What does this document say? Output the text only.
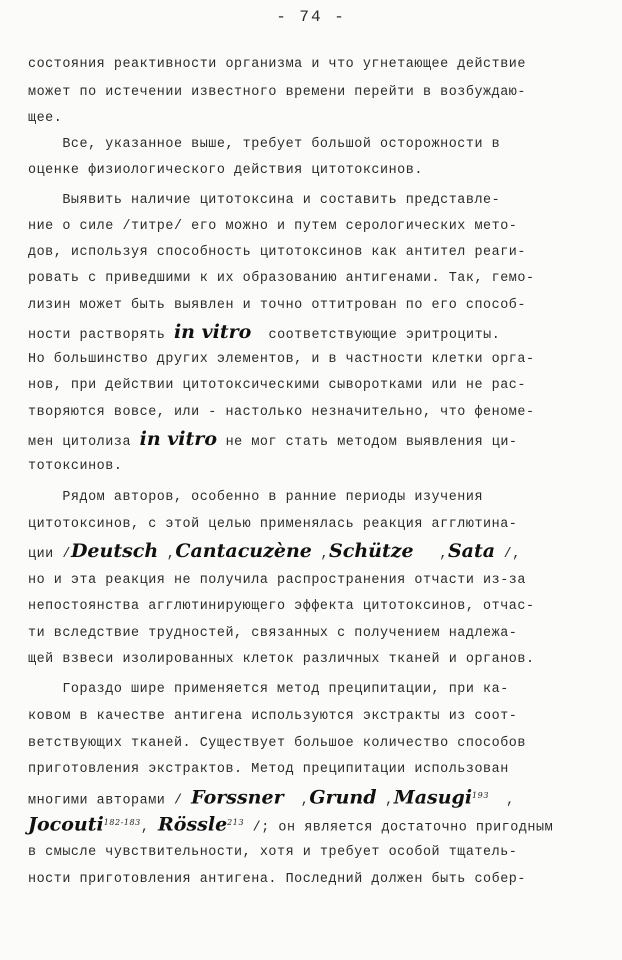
- 74 -
состояния реактивности организма и что угнетающее действие
может по истечении известного времени перейти в возбуждаю-
щее.
Все, указанное выше, требует большой осторожности в
оценке физиологического действия цитотоксинов.
Выявить наличие цитотоксина и составить представле-
ние о силе /титре/ его можно и путем серологических мето-
дов, используя способность цитотоксинов как антител реаги-
ровать с приведшими к их образованию антигенами. Так, гемо-
лизин может быть выявлен и точно оттитрован по его способ-
ности растворять in vitro  соответствующие эритроциты.
Но большинство других элементов, и в частности клетки орга-
нов, при действии цитотоксическими сыворотками или не рас-
творяются вовсе, или - настолько незначительно, что феноме-
мен цитолиза in vitro не мог стать методом выявления ци-
тотоксинов.
Рядом авторов, особенно в ранние периоды изучения
цитотоксинов, с этой целью применялась реакция агглютина-
ции /Deutsch ,Cantacuzène ,Schütze   ,Sata /,
но и эта реакция не получила распространения отчасти из-за
непостоянства агглютинирующего эффекта цитотоксинов, отчас-
ти вследствие трудностей, связанных с получением надлежа-
щей взвеси изолированных клеток различных тканей и органов.
Гораздо шире применяется метод преципитации, при ка-
ковом в качестве антигена используются экстракты из соот-
ветствующих тканей. Существует большое количество способов
приготовления экстрактов. Метод преципитации использован
многими авторами / Forssner  ,Grund ,Masugi$^{193}$  ,
Jocouti$^{182-183}$, Rössle$^{213}$ /; он является достаточно пригодным
в смысле чувствительности, хотя и требует особой тщатель-
ности приготовления антигена. Последний должен быть собер-
